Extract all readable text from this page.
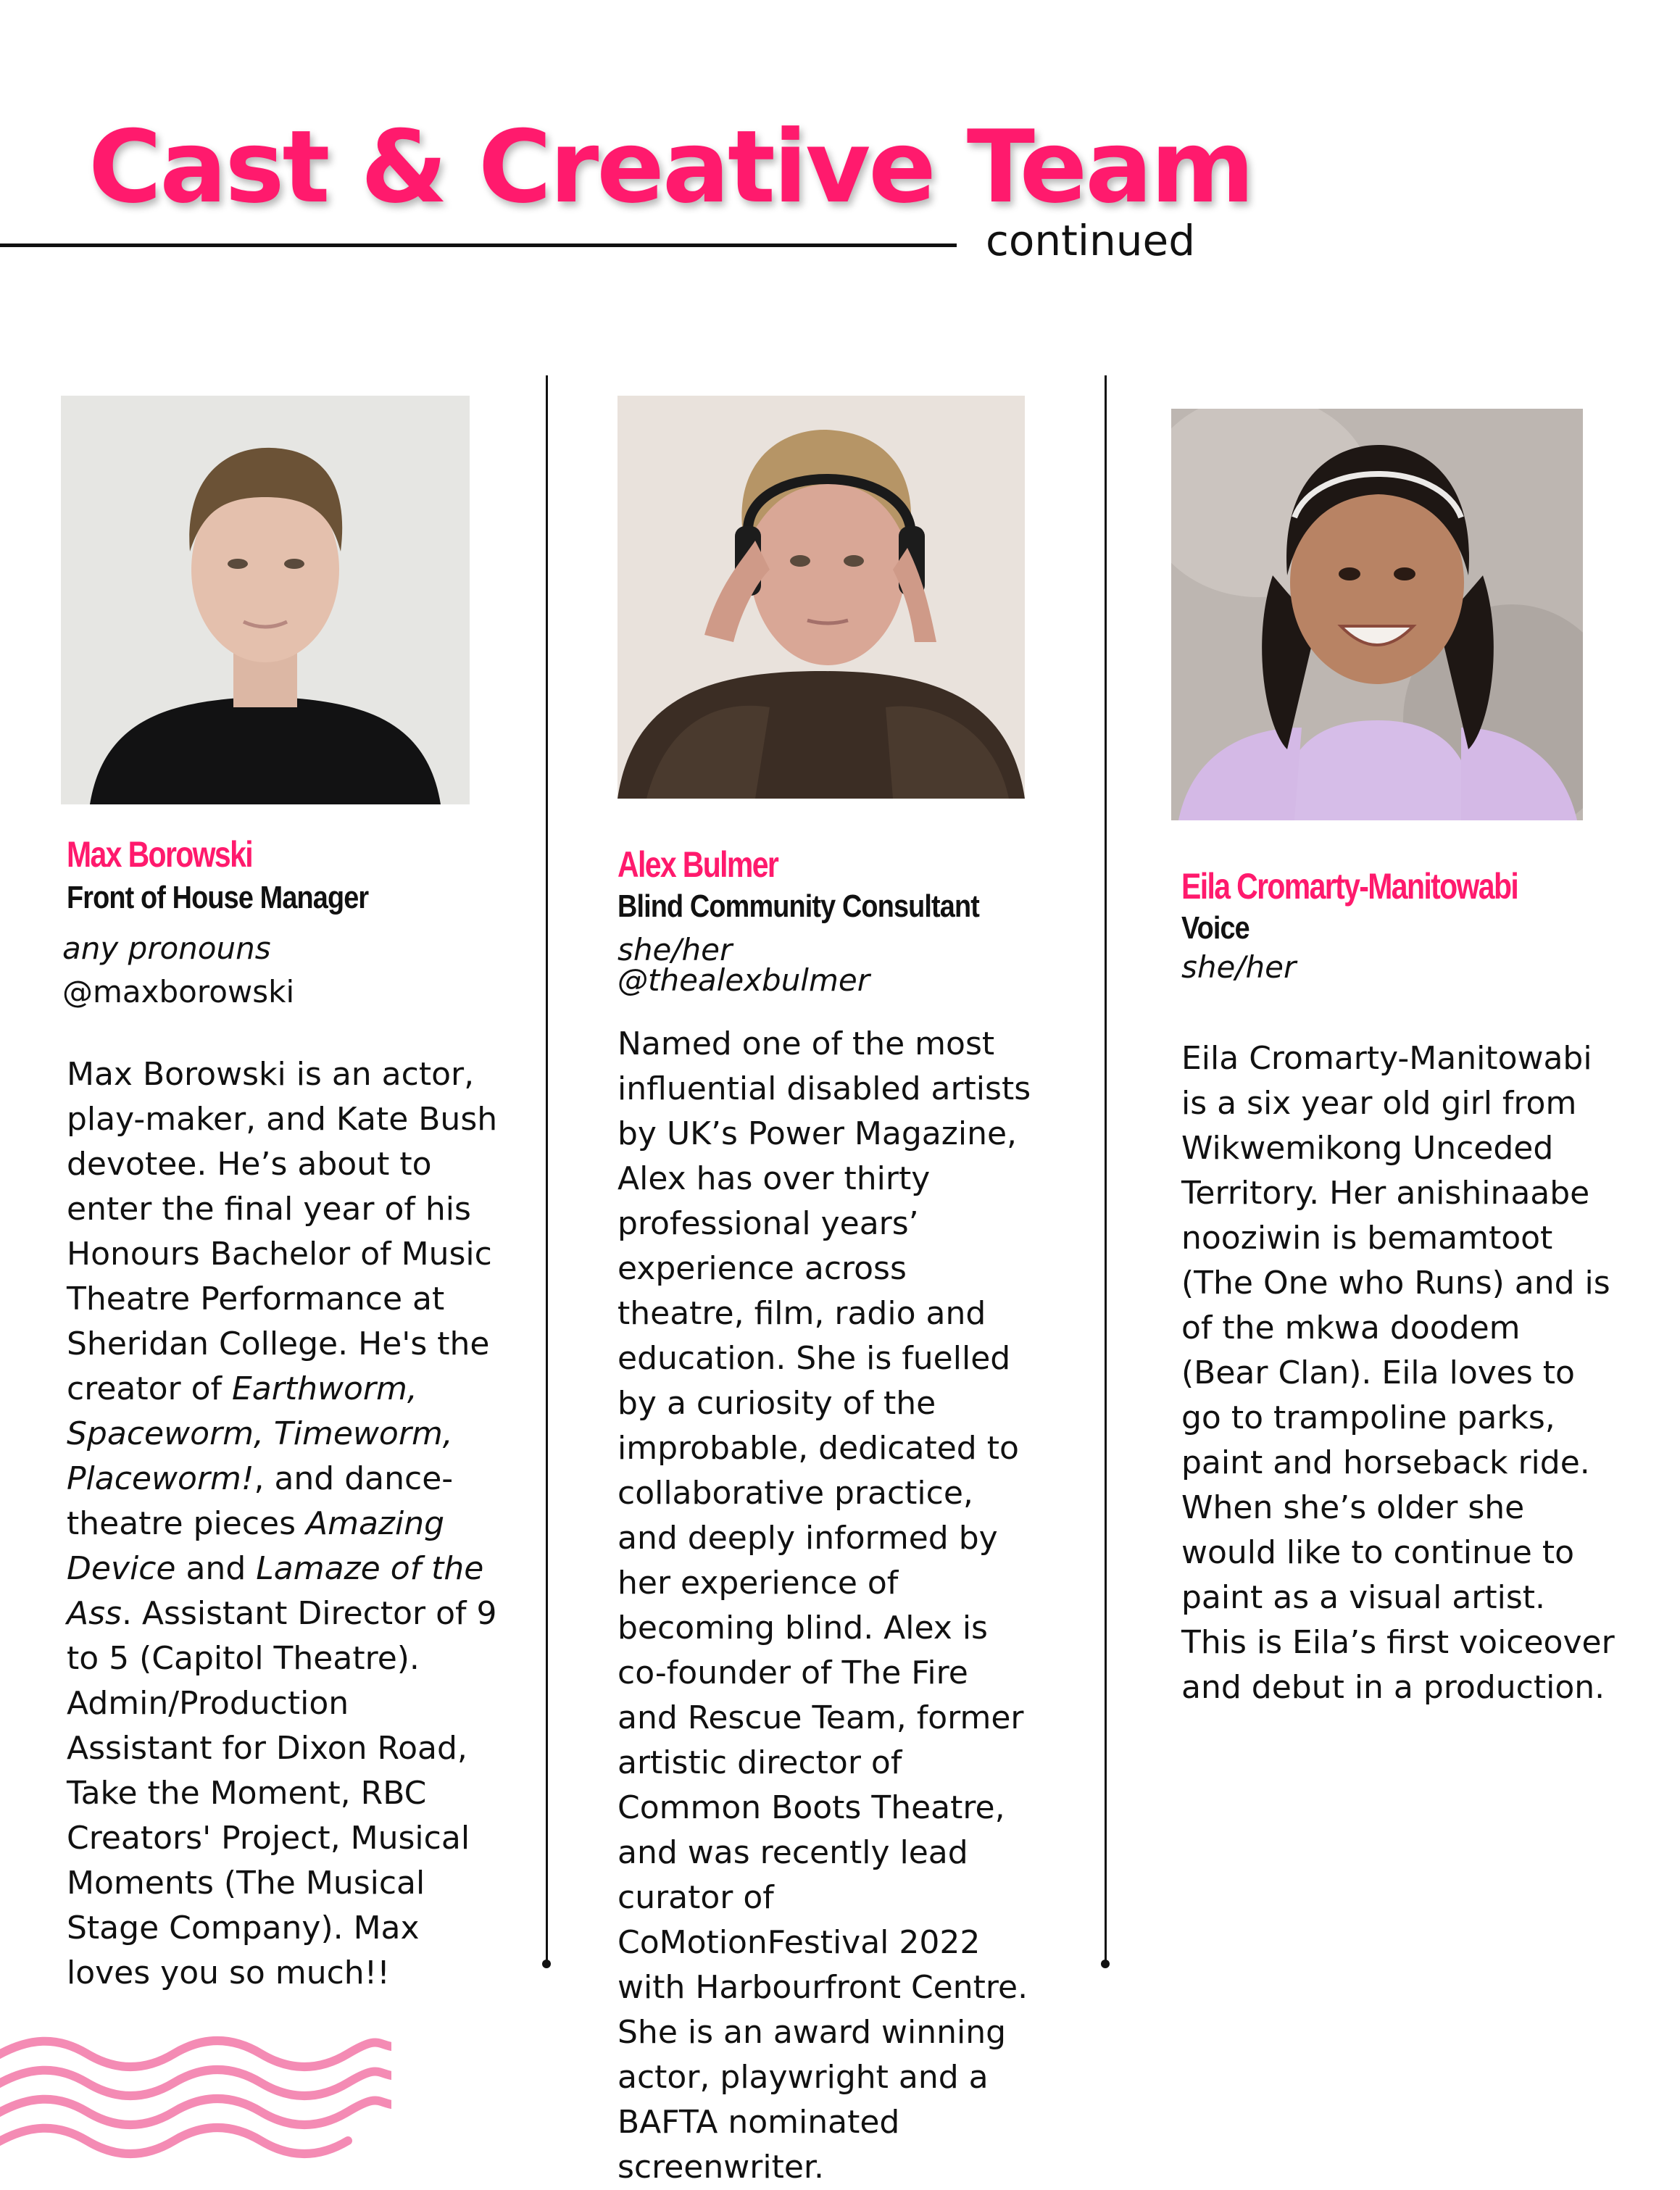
Cast & Creative Team
continued
Max Borowski
Front of House Manager
any pronouns
@maxborowski

Max Borowski is an actor, play-maker, and Kate Bush devotee. He’s about to enter the final year of his Honours Bachelor of Music Theatre Performance at Sheridan College. He's the creator of Earthworm, Spaceworm, Timeworm, Placeworm!, and dance-theatre pieces Amazing Device and Lamaze of the Ass. Assistant Director of 9 to 5 (Capitol Theatre). Admin/Production Assistant for Dixon Road, Take the Moment, RBC Creators' Project, Musical Moments (The Musical Stage Company). Max loves you so much!!

Alex Bulmer
Blind Community Consultant
she/her
@thealexbulmer

Named one of the most influential disabled artists by UK’s Power Magazine, Alex has over thirty professional years’ experience across theatre, film, radio and education. She is fuelled by a curiosity of the improbable, dedicated to collaborative practice, and deeply informed by her experience of becoming blind. Alex is co-founder of The Fire and Rescue Team, former artistic director of Common Boots Theatre, and was recently lead curator of CoMotionFestival 2022 with Harbourfront Centre. She is an award winning actor, playwright and a BAFTA nominated screenwriter.

Eila Cromarty-Manitowabi
Voice
she/her

Eila Cromarty-Manitowabi is a six year old girl from Wikwemikong Unceded Territory. Her anishinaabe nooziwin is bemamtoot (The One who Runs) and is of the mkwa doodem (Bear Clan). Eila loves to go to trampoline parks, paint and horseback ride. When she’s older she would like to continue to paint as a visual artist. This is Eila’s first voiceover and debut in a production.
